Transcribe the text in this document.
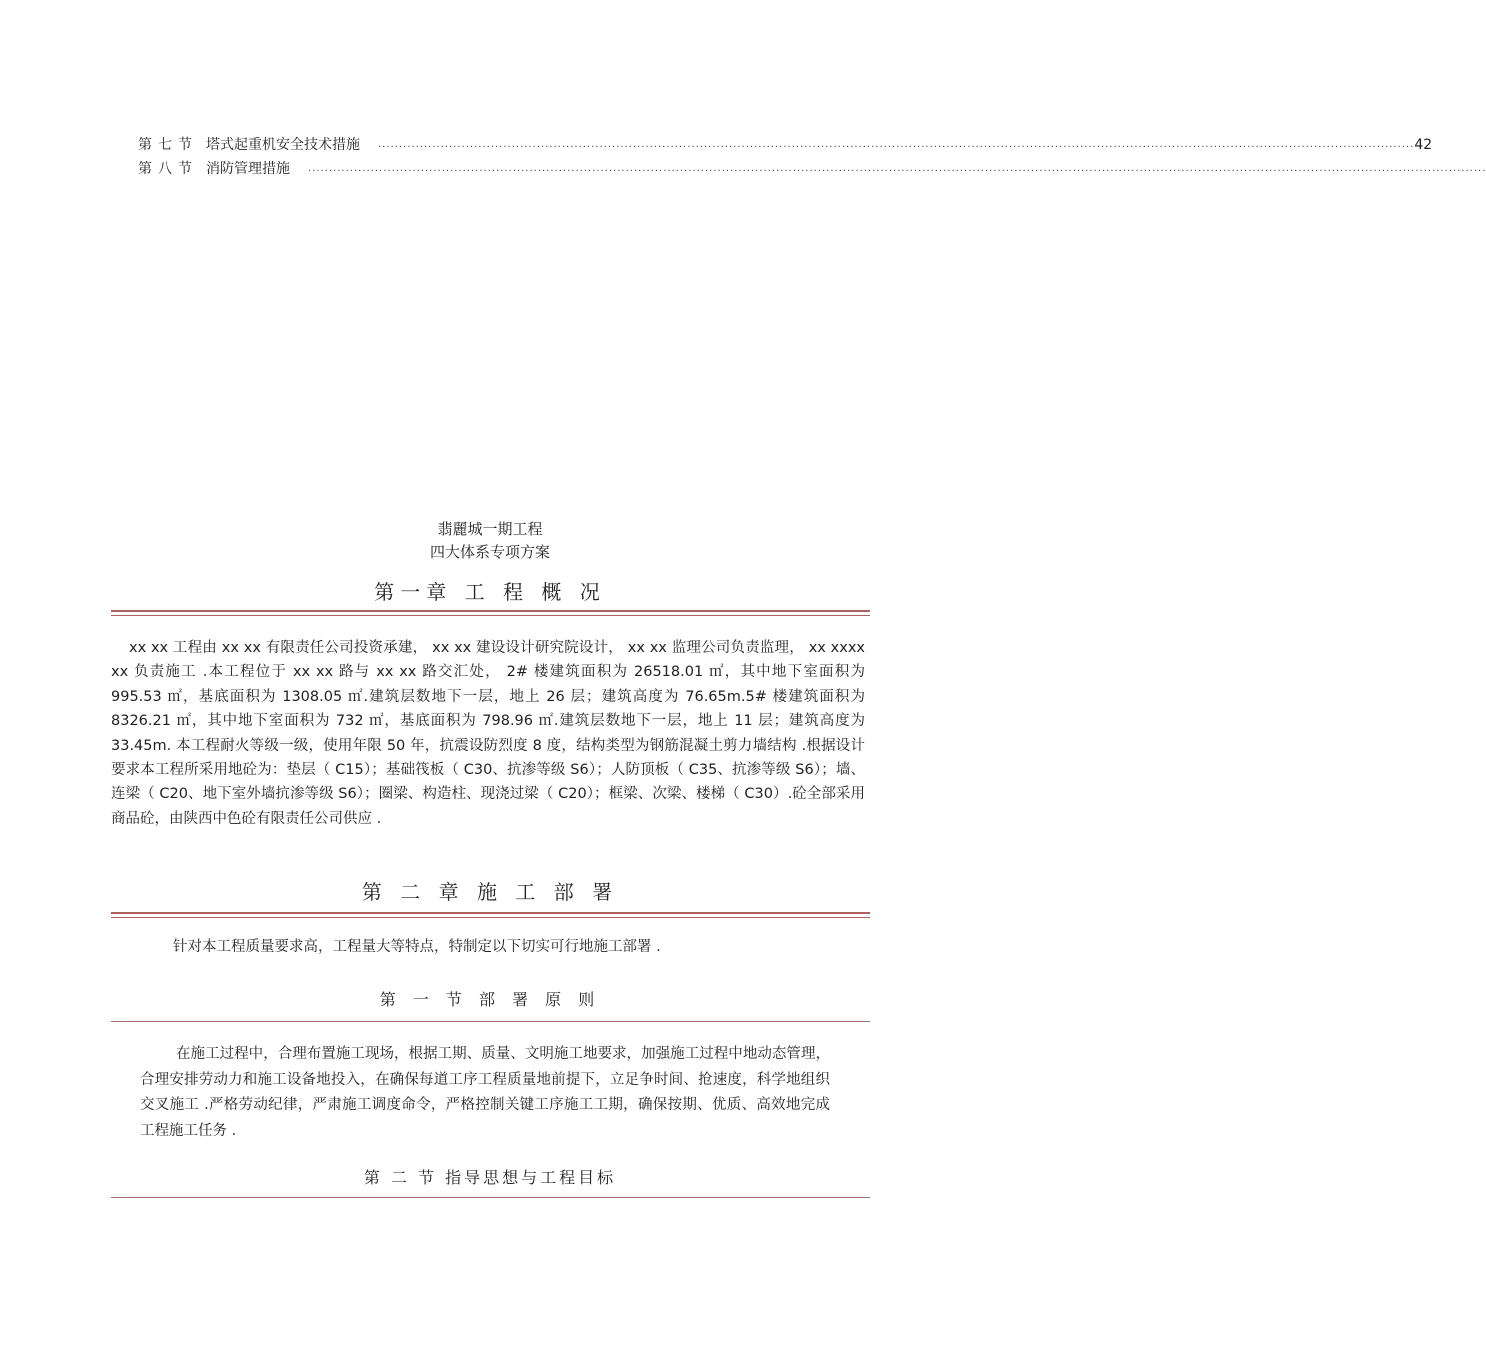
第七节 塔式起重机安全技术措施 ........................................................................................................................................................................................................................................................ 42
第八节 消防管理措施 ..........................................................................................................................................................................................................................................................................................
翡麗城一期工程
四大体系专项方案
第一章 工 程 概 况

xx xx 工程由 xx xx 有限责任公司投资承建， xx xx 建设设计研究院设计， xx xx 监理公司负责监理， xx xxxx xx 负责施工 .本工程位于 xx xx 路与 xx xx 路交汇处， 2# 楼建筑面积为 26518.01 ㎡，其中地下室面积为 995.53 ㎡，基底面积为 1308.05 ㎡.建筑层数地下一层，地上 26 层；建筑高度为 76.65m.5# 楼建筑面积为 8326.21 ㎡，其中地下室面积为 732 ㎡，基底面积为 798.96 ㎡.建筑层数地下一层，地上 11 层；建筑高度为 33.45m. 本工程耐火等级一级，使用年限 50 年，抗震设防烈度 8 度，结构类型为钢筋混凝土剪力墙结构 .根据设计要求本工程所采用地砼为：垫层（ C15）；基础筏板（ C30、抗渗等级 S6）；人防顶板（ C35、抗渗等级 S6）；墙、连梁（ C20、地下室外墙抗渗等级 S6）；圈梁、构造柱、现浇过梁（ C20）；框梁、次梁、楼梯（ C30）.砼全部采用商品砼，由陕西中色砼有限责任公司供应 .

第 二 章 施 工 部 署
针对本工程质量要求高，工程量大等特点，特制定以下切实可行地施工部署 .
第 一 节 部 署 原 则

在施工过程中，合理布置施工现场，根据工期、质量、文明施工地要求，加强施工过程中地动态管理，合理安排劳动力和施工设备地投入，在确保每道工序工程质量地前提下，立足争时间、抢速度，科学地组织交叉施工 .严格劳动纪律，严肃施工调度命令，严格控制关键工序施工工期，确保按期、优质、高效地完成工程施工任务 .

第 二 节 指导思想与工程目标
